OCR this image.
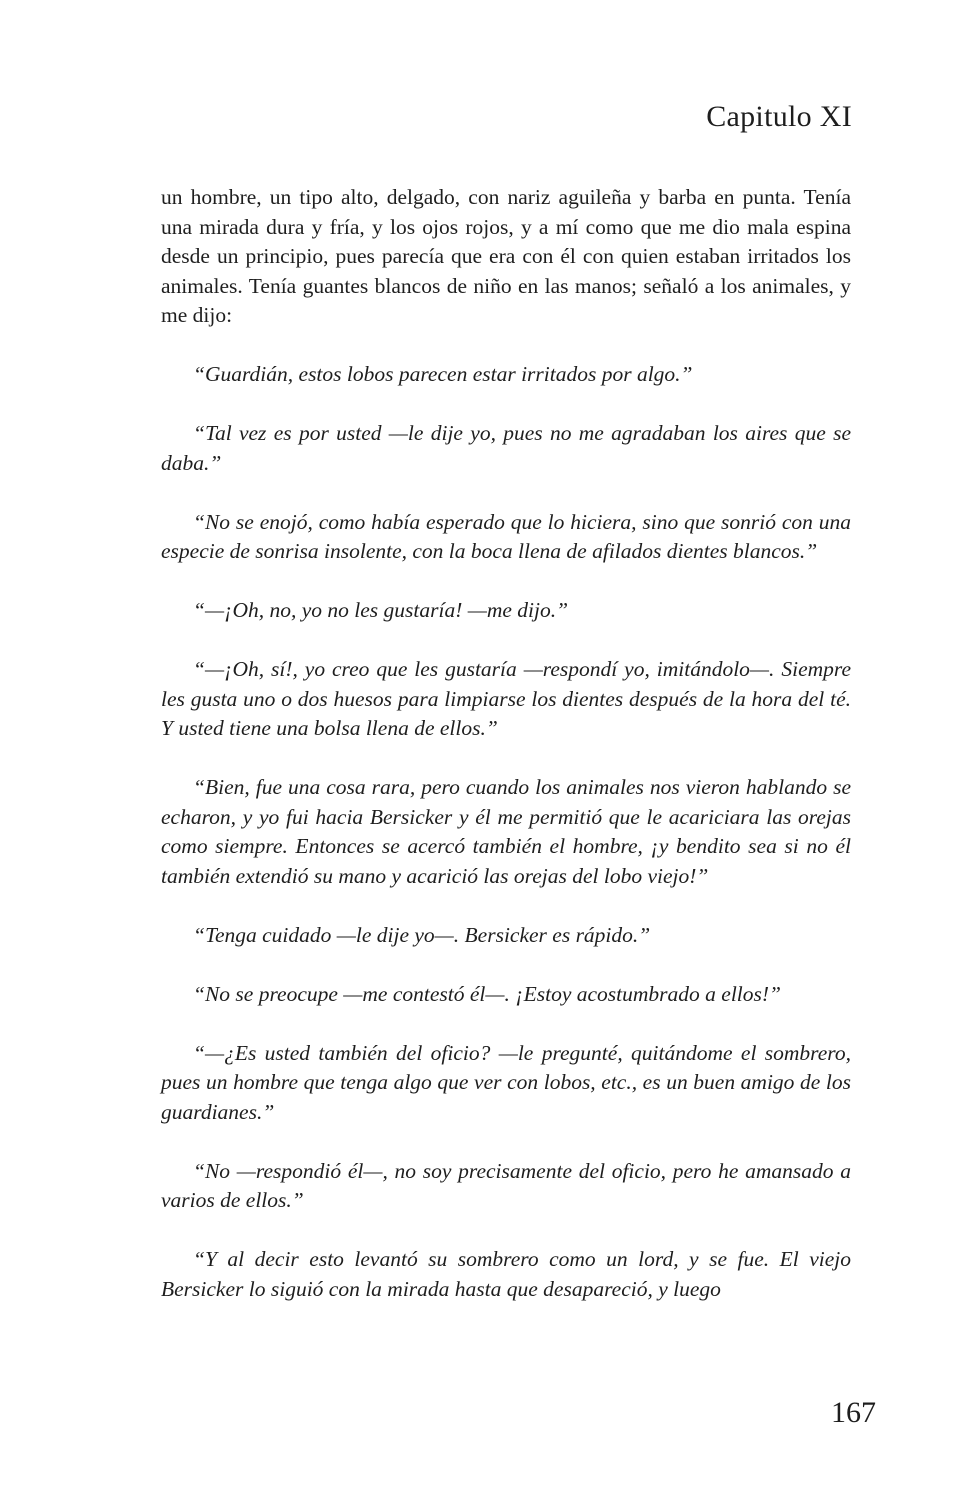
Capitulo XI

un hombre, un tipo alto, delgado, con nariz aguileña y barba en punta. Tenía una mirada dura y fría, y los ojos rojos, y a mí como que me dio mala espina desde un principio, pues parecía que era con él con quien estaban irritados los animales. Tenía guantes blancos de niño en las manos; señaló a los animales, y me dijo:

“Guardián, estos lobos parecen estar irritados por algo.”

“Tal vez es por usted —le dije yo, pues no me agradaban los aires que se daba.”

“No se enojó, como había esperado que lo hiciera, sino que sonrió con una especie de sonrisa insolente, con la boca llena de afilados dientes blancos.”

“—¡Oh, no, yo no les gustaría! —me dijo.”

“—¡Oh, sí!, yo creo que les gustaría —respondí yo, imitándolo—. Siempre les gusta uno o dos huesos para limpiarse los dientes después de la hora del té. Y usted tiene una bolsa llena de ellos.”

“Bien, fue una cosa rara, pero cuando los animales nos vieron hablando se echaron, y yo fui hacia Bersicker y él me permitió que le acariciara las orejas como siempre. Entonces se acercó también el hombre, ¡y bendito sea si no él también extendió su mano y acarició las orejas del lobo viejo!”

“Tenga cuidado —le dije yo—. Bersicker es rápido.”

“No se preocupe —me contestó él—. ¡Estoy acostumbrado a ellos!”

“—¿Es usted también del oficio? —le pregunté, quitándome el sombrero, pues un hombre que tenga algo que ver con lobos, etc., es un buen amigo de los guardianes.”

“No —respondió él—, no soy precisamente del oficio, pero he amansado a varios de ellos.”

“Y al decir esto levantó su sombrero como un lord, y se fue. El viejo Bersicker lo siguió con la mirada hasta que desapareció, y luego

167
